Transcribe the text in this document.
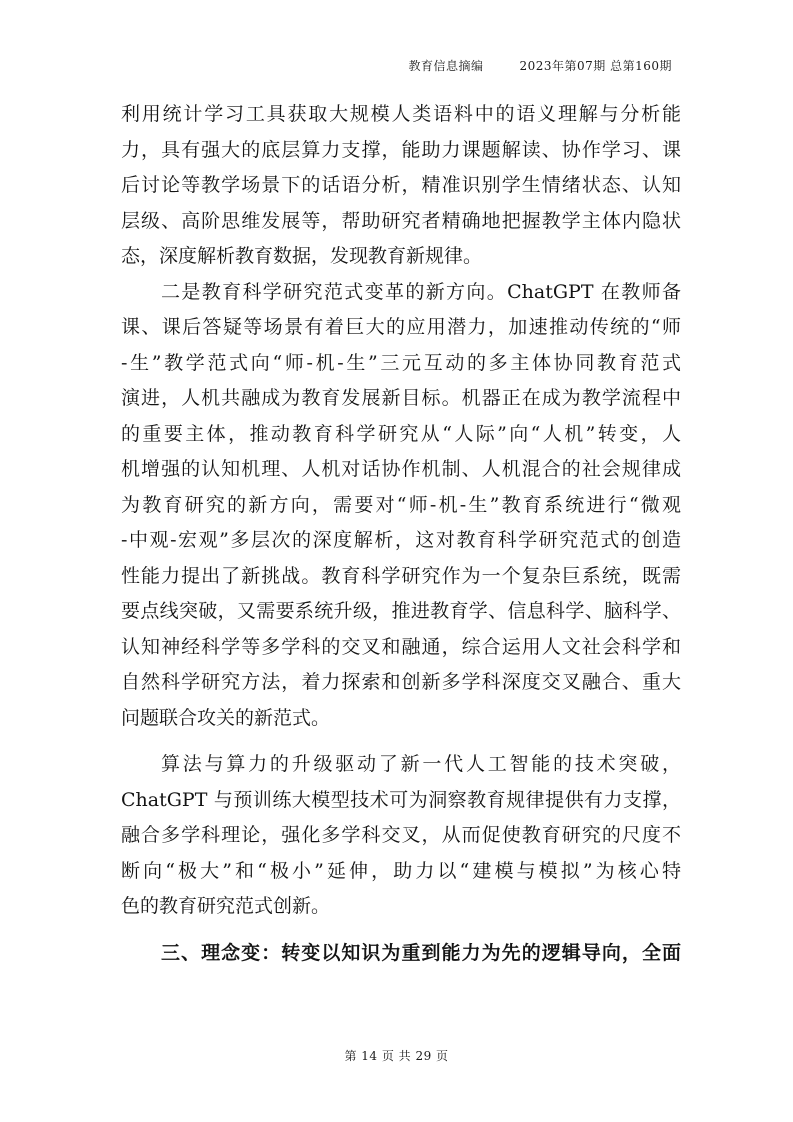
教育信息摘编	2023年第07期 总第160期
利用统计学习工具获取大规模人类语料中的语义理解与分析能
力，具有强大的底层算力支撑，能助力课题解读、协作学习、课
后讨论等教学场景下的话语分析，精准识别学生情绪状态、认知
层级、高阶思维发展等，帮助研究者精确地把握教学主体内隐状
态，深度解析教育数据，发现教育新规律。
二是教育科学研究范式变革的新方向。ChatGPT 在教师备
课、课后答疑等场景有着巨大的应用潜力，加速推动传统的“师
-生”教学范式向“师-机-生”三元互动的多主体协同教育范式
演进，人机共融成为教育发展新目标。机器正在成为教学流程中
的重要主体，推动教育科学研究从“人际”向“人机”转变，人
机增强的认知机理、人机对话协作机制、人机混合的社会规律成
为教育研究的新方向，需要对“师-机-生”教育系统进行“微观
-中观-宏观”多层次的深度解析，这对教育科学研究范式的创造
性能力提出了新挑战。教育科学研究作为一个复杂巨系统，既需
要点线突破，又需要系统升级，推进教育学、信息科学、脑科学、
认知神经科学等多学科的交叉和融通，综合运用人文社会科学和
自然科学研究方法，着力探索和创新多学科深度交叉融合、重大
问题联合攻关的新范式。
算法与算力的升级驱动了新一代人工智能的技术突破，
ChatGPT 与预训练大模型技术可为洞察教育规律提供有力支撑，
融合多学科理论，强化多学科交叉，从而促使教育研究的尺度不
断向“极大”和“极小”延伸，助力以“建模与模拟”为核心特
色的教育研究范式创新。
三、理念变：转变以知识为重到能力为先的逻辑导向，全面
第 14 页 共 29 页
